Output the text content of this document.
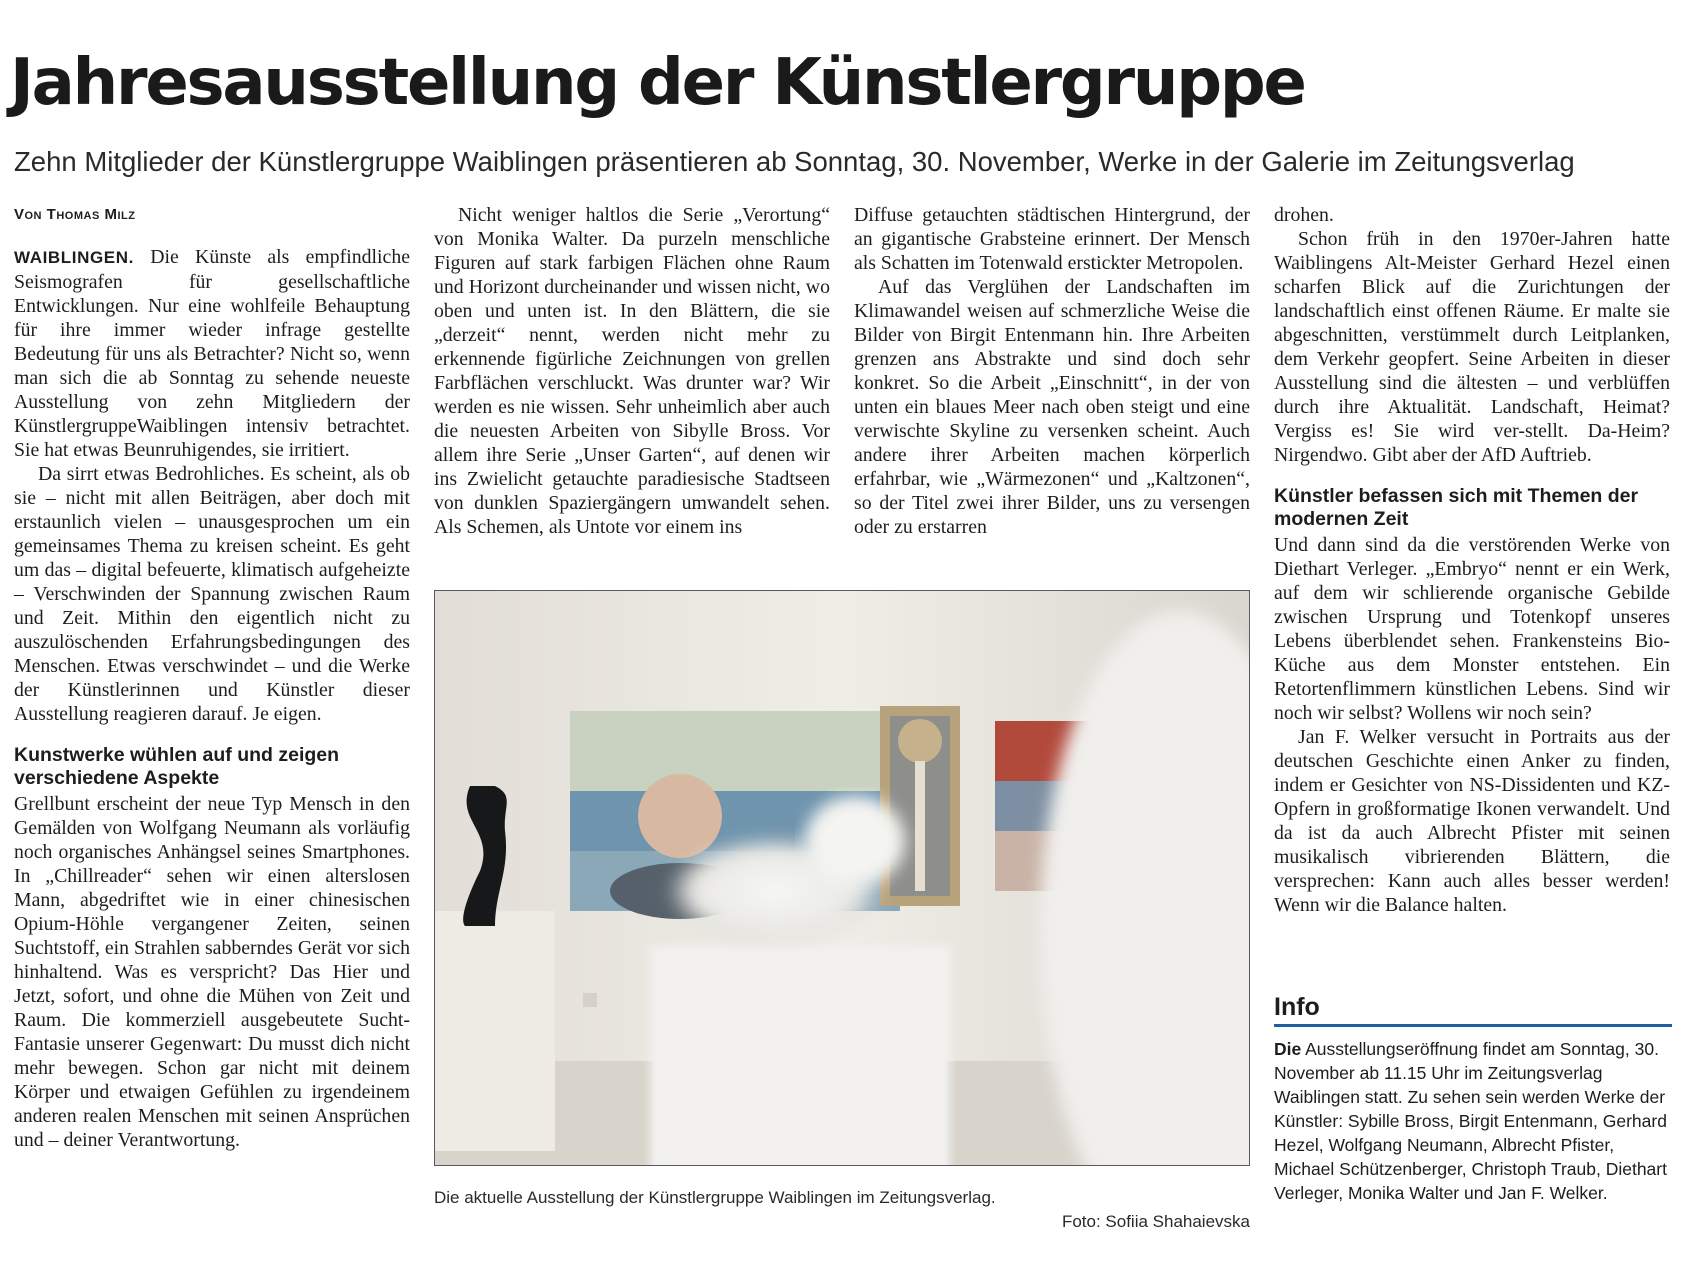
Jahresausstellung der Künstlergruppe

Zehn Mitglieder der Künstlergruppe Waiblingen präsentieren ab Sonntag, 30. November, Werke in der Galerie im Zeitungsverlag

Von Thomas Milz

WAIBLINGEN. Die Künste als empfindliche Seismografen für gesellschaftliche Entwicklungen. Nur eine wohlfeile Behauptung für ihre immer wieder infrage gestellte Bedeutung für uns als Betrachter? Nicht so, wenn man sich die ab Sonntag zu sehende neueste Ausstellung von zehn Mitgliedern der KünstlergruppeWaiblingen intensiv betrachtet. Sie hat etwas Beunruhigendes, sie irritiert.

Da sirrt etwas Bedrohliches. Es scheint, als ob sie – nicht mit allen Beiträgen, aber doch mit erstaunlich vielen – unausgesprochen um ein gemeinsames Thema zu kreisen scheint. Es geht um das – digital befeuerte, klimatisch aufgeheizte – Verschwinden der Spannung zwischen Raum und Zeit. Mithin den eigentlich nicht zu auszulöschenden Erfahrungsbedingungen des Menschen. Etwas verschwindet – und die Werke der Künstlerinnen und Künstler dieser Ausstellung reagieren darauf. Je eigen.

Kunstwerke wühlen auf und zeigen verschiedene Aspekte

Grellbunt erscheint der neue Typ Mensch in den Gemälden von Wolfgang Neumann als vorläufig noch organisches Anhängsel seines Smartphones. In „Chillreader“ sehen wir einen alterslosen Mann, abgedriftet wie in einer chinesischen Opium-Höhle vergangener Zeiten, seinen Suchtstoff, ein Strahlen sabberndes Gerät vor sich hinhaltend. Was es verspricht? Das Hier und Jetzt, sofort, und ohne die Mühen von Zeit und Raum. Die kommerziell ausgebeutete Sucht-Fantasie unserer Gegenwart: Du musst dich nicht mehr bewegen. Schon gar nicht mit deinem Körper und etwaigen Gefühlen zu irgendeinem anderen realen Menschen mit seinen Ansprüchen und – deiner Verantwortung.

Nicht weniger haltlos die Serie „Verortung“ von Monika Walter. Da purzeln menschliche Figuren auf stark farbigen Flächen ohne Raum und Horizont durcheinander und wissen nicht, wo oben und unten ist. In den Blättern, die sie „derzeit“ nennt, werden nicht mehr zu erkennende figürliche Zeichnungen von grellen Farbflächen verschluckt. Was drunter war? Wir werden es nie wissen. Sehr unheimlich aber auch die neuesten Arbeiten von Sibylle Bross. Vor allem ihre Serie „Unser Garten“, auf denen wir ins Zwielicht getauchte paradiesische Stadtseen von dunklen Spaziergängern umwandelt sehen. Als Schemen, als Untote vor einem ins

Diffuse getauchten städtischen Hintergrund, der an gigantische Grabsteine erinnert. Der Mensch als Schatten im Totenwald erstickter Metropolen.

Auf das Verglühen der Landschaften im Klimawandel weisen auf schmerzliche Weise die Bilder von Birgit Entenmann hin. Ihre Arbeiten grenzen ans Abstrakte und sind doch sehr konkret. So die Arbeit „Einschnitt“, in der von unten ein blaues Meer nach oben steigt und eine verwischte Skyline zu versenken scheint. Auch andere ihrer Arbeiten machen körperlich erfahrbar, wie „Wärmezonen“ und „Kaltzonen“, so der Titel zwei ihrer Bilder, uns zu versengen oder zu erstarren

drohen.

Schon früh in den 1970er-Jahren hatte Waiblingens Alt-Meister Gerhard Hezel einen scharfen Blick auf die Zurichtungen der landschaftlich einst offenen Räume. Er malte sie abgeschnitten, verstümmelt durch Leitplanken, dem Verkehr geopfert. Seine Arbeiten in dieser Ausstellung sind die ältesten – und verblüffen durch ihre Aktualität. Landschaft, Heimat? Vergiss es! Sie wird ver-stellt. Da-Heim? Nirgendwo. Gibt aber der AfD Auftrieb.

Künstler befassen sich mit Themen der modernen Zeit

Und dann sind da die verstörenden Werke von Diethart Verleger. „Embryo“ nennt er ein Werk, auf dem wir schlierende organische Gebilde zwischen Ursprung und Totenkopf unseres Lebens überblendet sehen. Frankensteins Bio-Küche aus dem Monster entstehen. Ein Retortenflimmern künstlichen Lebens. Sind wir noch wir selbst? Wollens wir noch sein?

Jan F. Welker versucht in Portraits aus der deutschen Geschichte einen Anker zu finden, indem er Gesichter von NS-Dissidenten und KZ-Opfern in großformatige Ikonen verwandelt. Und da ist da auch Albrecht Pfister mit seinen musikalisch vibrierenden Blättern, die versprechen: Kann auch alles besser werden! Wenn wir die Balance halten.

Die aktuelle Ausstellung der Künstlergruppe Waiblingen im Zeitungsverlag.

Foto: Sofiia Shahaievska

Info

Die Ausstellungseröffnung findet am Sonntag, 30. November ab 11.15 Uhr im Zeitungsverlag Waiblingen statt. Zu sehen sein werden Werke der Künstler: Sybille Bross, Birgit Entenmann, Gerhard Hezel, Wolfgang Neumann, Albrecht Pfister, Michael Schützenberger, Christoph Traub, Diethart Verleger, Monika Walter und Jan F. Welker.
